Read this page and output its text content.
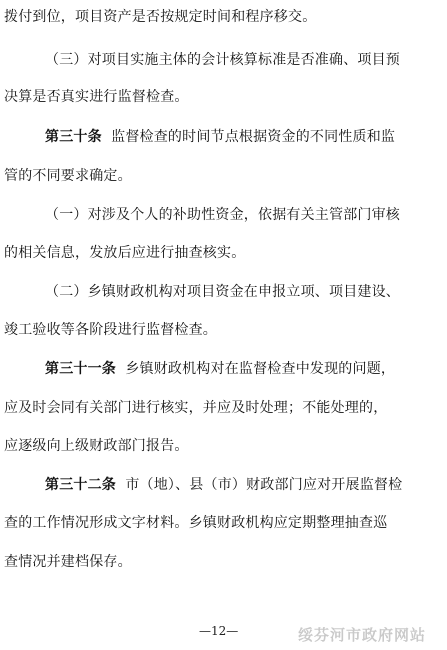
拨付到位，项目资产是否按规定时间和程序移交。
（三）对项目实施主体的会计核算标准是否准确、项目预
决算是否真实进行监督检查。
第三十条 监督检查的时间节点根据资金的不同性质和监
管的不同要求确定。
（一）对涉及个人的补助性资金，依据有关主管部门审核
的相关信息，发放后应进行抽查核实。
（二）乡镇财政机构对项目资金在申报立项、项目建设、
竣工验收等各阶段进行监督检查。
第三十一条 乡镇财政机构对在监督检查中发现的问题，
应及时会同有关部门进行核实，并应及时处理；不能处理的，
应逐级向上级财政部门报告。
第三十二条 市（地）、县（市）财政部门应对开展监督检
查的工作情况形成文字材料。乡镇财政机构应定期整理抽查巡
查情况并建档保存。
—12—	绥芬河市政府网站
